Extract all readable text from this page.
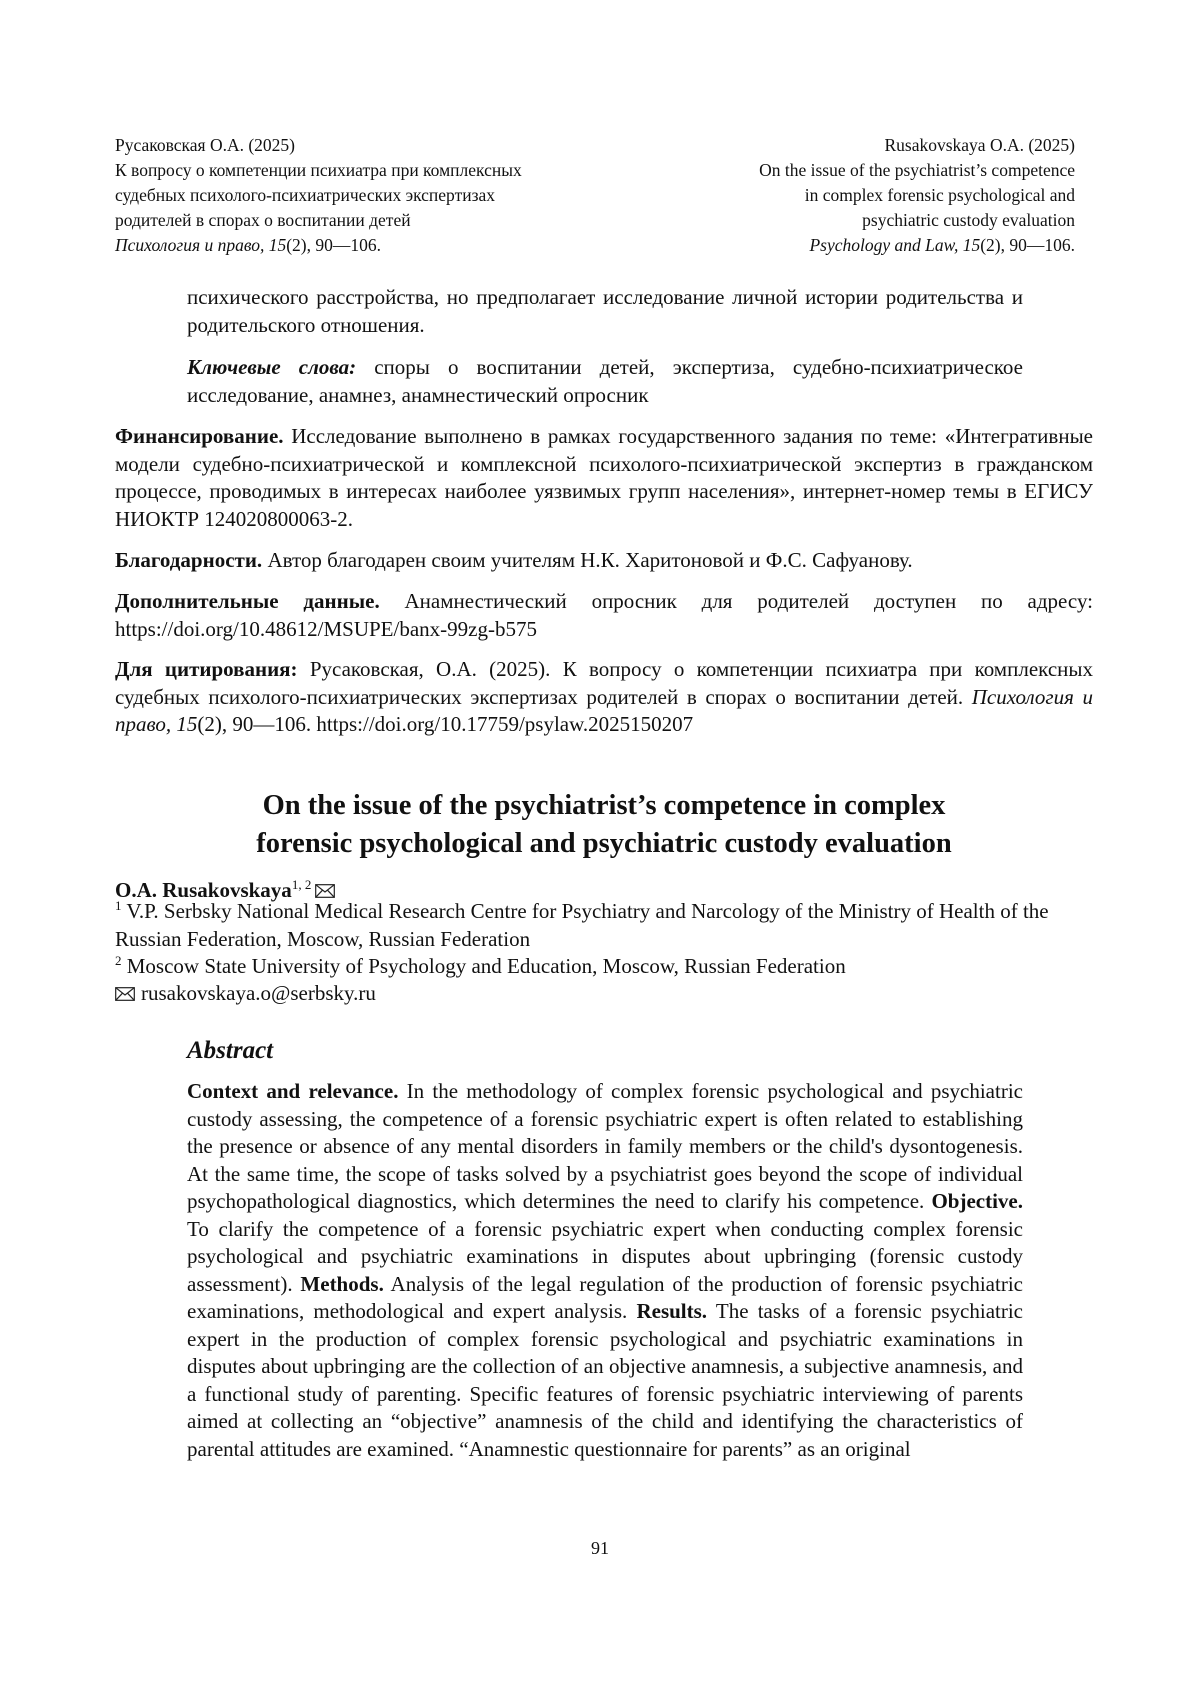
Русаковская О.А. (2025)
К вопросу о компетенции психиатра при комплексных
судебных психолого-психиатрических экспертизах
родителей в спорах о воспитании детей
Психология и право, 15(2), 90—106.
Rusakovskaya O.A. (2025)
On the issue of the psychiatrist’s competence
in complex forensic psychological and
psychiatric custody evaluation
Psychology and Law, 15(2), 90—106.
психического расстройства, но предполагает исследование личной истории родительства и родительского отношения.
Ключевые слова: споры о воспитании детей, экспертиза, судебно-психиатрическое исследование, анамнез, анамнестический опросник
Финансирование. Исследование выполнено в рамках государственного задания по теме: «Интегративные модели судебно-психиатрической и комплексной психолого-психиатрической экспертиз в гражданском процессе, проводимых в интересах наиболее уязвимых групп населения», интернет-номер темы в ЕГИСУ НИОКТР 124020800063-2.
Благодарности. Автор благодарен своим учителям Н.К. Харитоновой и Ф.С. Сафуанову.
Дополнительные данные. Анамнестический опросник для родителей доступен по адресу: https://doi.org/10.48612/MSUPE/banx-99zg-b575
Для цитирования: Русаковская, О.А. (2025). К вопросу о компетенции психиатра при комплексных судебных психолого-психиатрических экспертизах родителей в спорах о воспитании детей. Психология и право, 15(2), 90—106. https://doi.org/10.17759/psylaw.2025150207
On the issue of the psychiatrist’s competence in complex
forensic psychological and psychiatric custody evaluation
O.A. Rusakovskaya$^{1, 2}$
$^1$ V.P. Serbsky National Medical Research Centre for Psychiatry and Narcology of the Ministry of Health of the Russian Federation, Moscow, Russian Federation
$^2$ Moscow State University of Psychology and Education, Moscow, Russian Federation
rusakovskaya.o@serbsky.ru
Abstract
Context and relevance. In the methodology of complex forensic psychological and psychiatric custody assessing, the competence of a forensic psychiatric expert is often related to establishing the presence or absence of any mental disorders in family members or the child's dysontogenesis. At the same time, the scope of tasks solved by a psychiatrist goes beyond the scope of individual psychopathological diagnostics, which determines the need to clarify his competence. Objective. To clarify the competence of a forensic psychiatric expert when conducting complex forensic psychological and psychiatric examinations in disputes about upbringing (forensic custody assessment). Methods. Analysis of the legal regulation of the production of forensic psychiatric examinations, methodological and expert analysis. Results. The tasks of a forensic psychiatric expert in the production of complex forensic psychological and psychiatric examinations in disputes about upbringing are the collection of an objective anamnesis, a subjective anamnesis, and a functional study of parenting. Specific features of forensic psychiatric interviewing of parents aimed at collecting an “objective” anamnesis of the child and identifying the characteristics of parental attitudes are examined. “Anamnestic questionnaire for parents” as an original
91
